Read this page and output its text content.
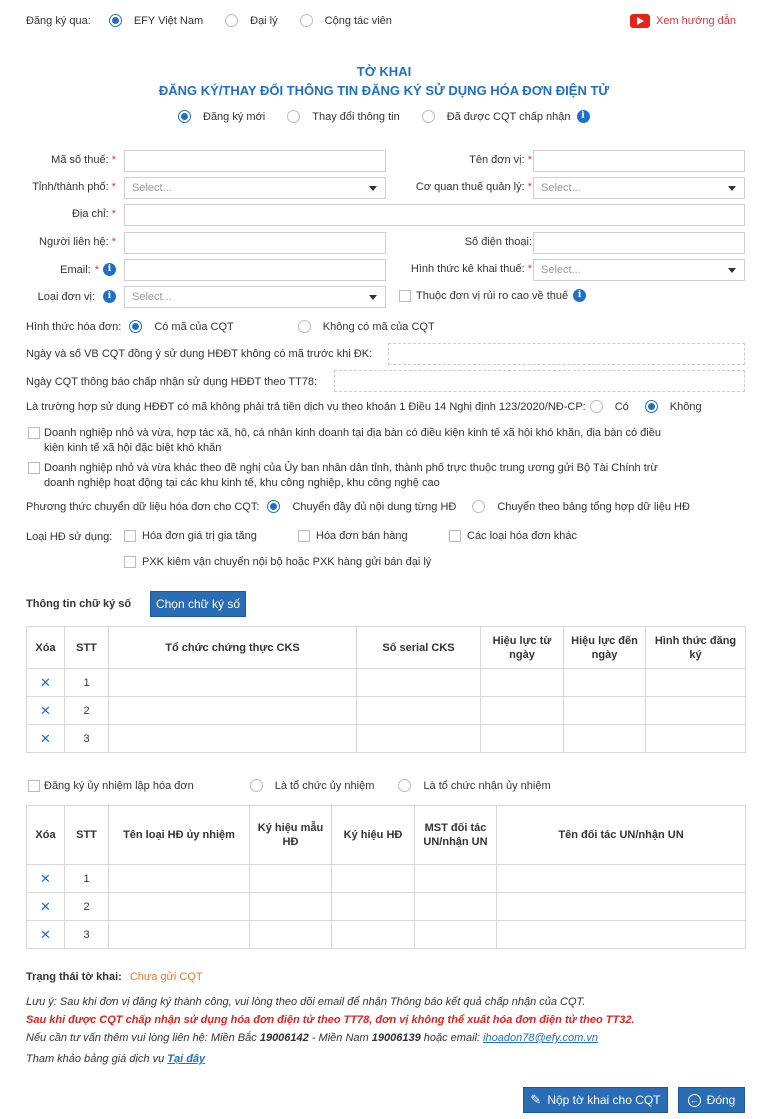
Đăng ký qua:	EFY Việt Nam	Đại lý	Cộng tác viên	Xem hướng dẫn
TỜ KHAI
ĐĂNG KÝ/THAY ĐỔI THÔNG TIN ĐĂNG KÝ SỬ DỤNG HÓA ĐƠN ĐIỆN TỬ
Đăng ký mới	Thay đổi thông tin	Đã được CQT chấp nhận	i
Mã số thuế: *	Tên đơn vị: *
Tỉnh/thành phố: *	Select...	Cơ quan thuế quản lý: * Select...
Địa chỉ: *
Người liên hệ: *	Số điện thoại:
Email: * i	Hình thức kê khai thuế: * Select...
Loại đơn vị:	i	Select...	Thuộc đơn vị rủi ro cao về thuế	i
Hình thức hóa đơn:	Có mã của CQT	Không có mã của CQT
Ngày và số VB CQT đồng ý sử dụng HĐĐT không có mã trước khi ĐK:
Ngày CQT thông báo chấp nhận sử dụng HĐĐT theo TT78:
Là trường hợp sử dụng HĐĐT có mã không phải trả tiền dịch vụ theo khoản 1 Điều 14 Nghị định 123/2020/NĐ-CP:	Có	Không
Doanh nghiệp nhỏ và vừa, hợp tác xã, hộ, cá nhân kinh doanh tại địa bàn có điều kiện kinh tế xã hội khó khăn, địa bàn có điều
kiện kinh tế xã hội đặc biệt khó khăn
Doanh nghiệp nhỏ và vừa khác theo đề nghị của Ủy ban nhân dân tỉnh, thành phố trực thuộc trung ương gửi Bộ Tài Chính trừ
doanh nghiệp hoạt động tại các khu kinh tế, khu công nghiệp, khu công nghệ cao
Phương thức chuyển dữ liệu hóa đơn cho CQT:	Chuyển đầy đủ nội dung từng HĐ	Chuyển theo bảng tổng hợp dữ liệu HĐ
Loại HĐ sử dụng:	Hóa đơn giá trị gia tăng	Hóa đơn bán hàng	Các loại hóa đơn khác
PXK kiêm vận chuyển nội bộ hoặc PXK hàng gửi bán đại lý
Thông tin chữ ký số	Chọn chữ ký số
Xóa	STT	Tổ chức chứng thực CKS	Số serial CKS	Hiệu lực từ ngày	Hiệu lực đến ngày	Hình thức đăng ký
✕	1					
✕	2					
✕	3					
Đăng ký ủy nhiệm lập hóa đơn	Là tổ chức ủy nhiệm	Là tổ chức nhận ủy nhiệm
Xóa	STT	Tên loại HĐ ủy nhiệm	Ký hiệu mẫu HĐ	Ký hiệu HĐ	MST đối tác UN/nhận UN	Tên đối tác UN/nhận UN
✕	1					
✕	2					
✕	3					
Trạng thái tờ khai: Chưa gửi CQT
Lưu ý: Sau khi đơn vị đăng ký thành công, vui lòng theo dõi email để nhận Thông báo kết quả chấp nhận của CQT.
Sau khi được CQT chấp nhận sử dụng hóa đơn điện tử theo TT78, đơn vị không thể xuất hóa đơn điện tử theo TT32.
Nếu cần tư vấn thêm vui lòng liên hệ: Miền Bắc 19006142 - Miền Nam 19006139 hoặc email: ihoadon78@efy.com.vn
Tham khảo bảng giá dịch vụ Tại đây
✎ Nộp tờ khai cho CQT	← Đóng
